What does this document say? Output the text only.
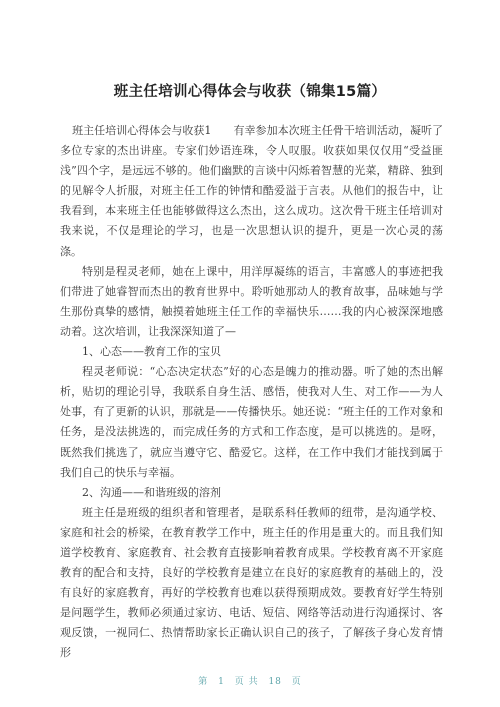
班主任培训心得体会与收获（锦集15篇）

班主任培训心得体会与收获1　　有幸参加本次班主任骨干培训活动，凝听了多位专家的杰出讲座。专家们妙语连珠，令人叹服。收获如果仅仅用“受益匪浅”四个字，是远远不够的。他们幽默的言谈中闪烁着智慧的光菜，精辟、独到的见解令人折服，对班主任工作的钟情和酷爱溢于言表。从他们的报告中，让我看到，本来班主任也能够做得这么杰出，这么成功。这次骨干班主任培训对我来说，不仅是理论的学习，也是一次思想认识的提升，更是一次心灵的荡涤。

特别是程灵老师，她在上课中，用洋厚凝练的语言，丰富感人的事迹把我们带进了她睿智而杰出的教育世界中。聆听她那动人的教育故事，品味她与学生那份真挚的感情，触摸着她班主任工作的幸福快乐……我的内心被深深地感动着。这次培训，让我深深知道了—

1、心态——教育工作的宝贝

程灵老师说：“心态决定状态”好的心态是魄力的推动器。听了她的杰出解析，贴切的理论引导，我联系自身生活、感悟，使我对人生、对工作——为人处事，有了更新的认识，那就是——传播快乐。她还说：“班主任的工作对象和任务，是没法挑选的，而完成任务的方式和工作态度，是可以挑选的。是呀，既然我们挑选了，就应当遵守它、酷爱它。这样，在工作中我们才能找到属于我们自己的快乐与幸福。

2、沟通——和谐班级的溶剂

班主任是班级的组织者和管理者，是联系科任教师的纽带，是沟通学校、家庭和社会的桥梁，在教育教学工作中，班主任的作用是重大的。而且我们知道学校教育、家庭教育、社会教育直接影响着教育成果。学校教育离不开家庭教育的配合和支持，良好的学校教育是建立在良好的家庭教育的基础上的，没有良好的家庭教育，再好的学校教育也难以获得预期成效。要教育好学生特别是问题学生，教师必须通过家访、电话、短信、网络等活动进行沟通探讨、客观反馈，一视同仁、热情帮助家长正确认识自己的孩子，了解孩子身心发育情形

第 1 页 共 18 页
